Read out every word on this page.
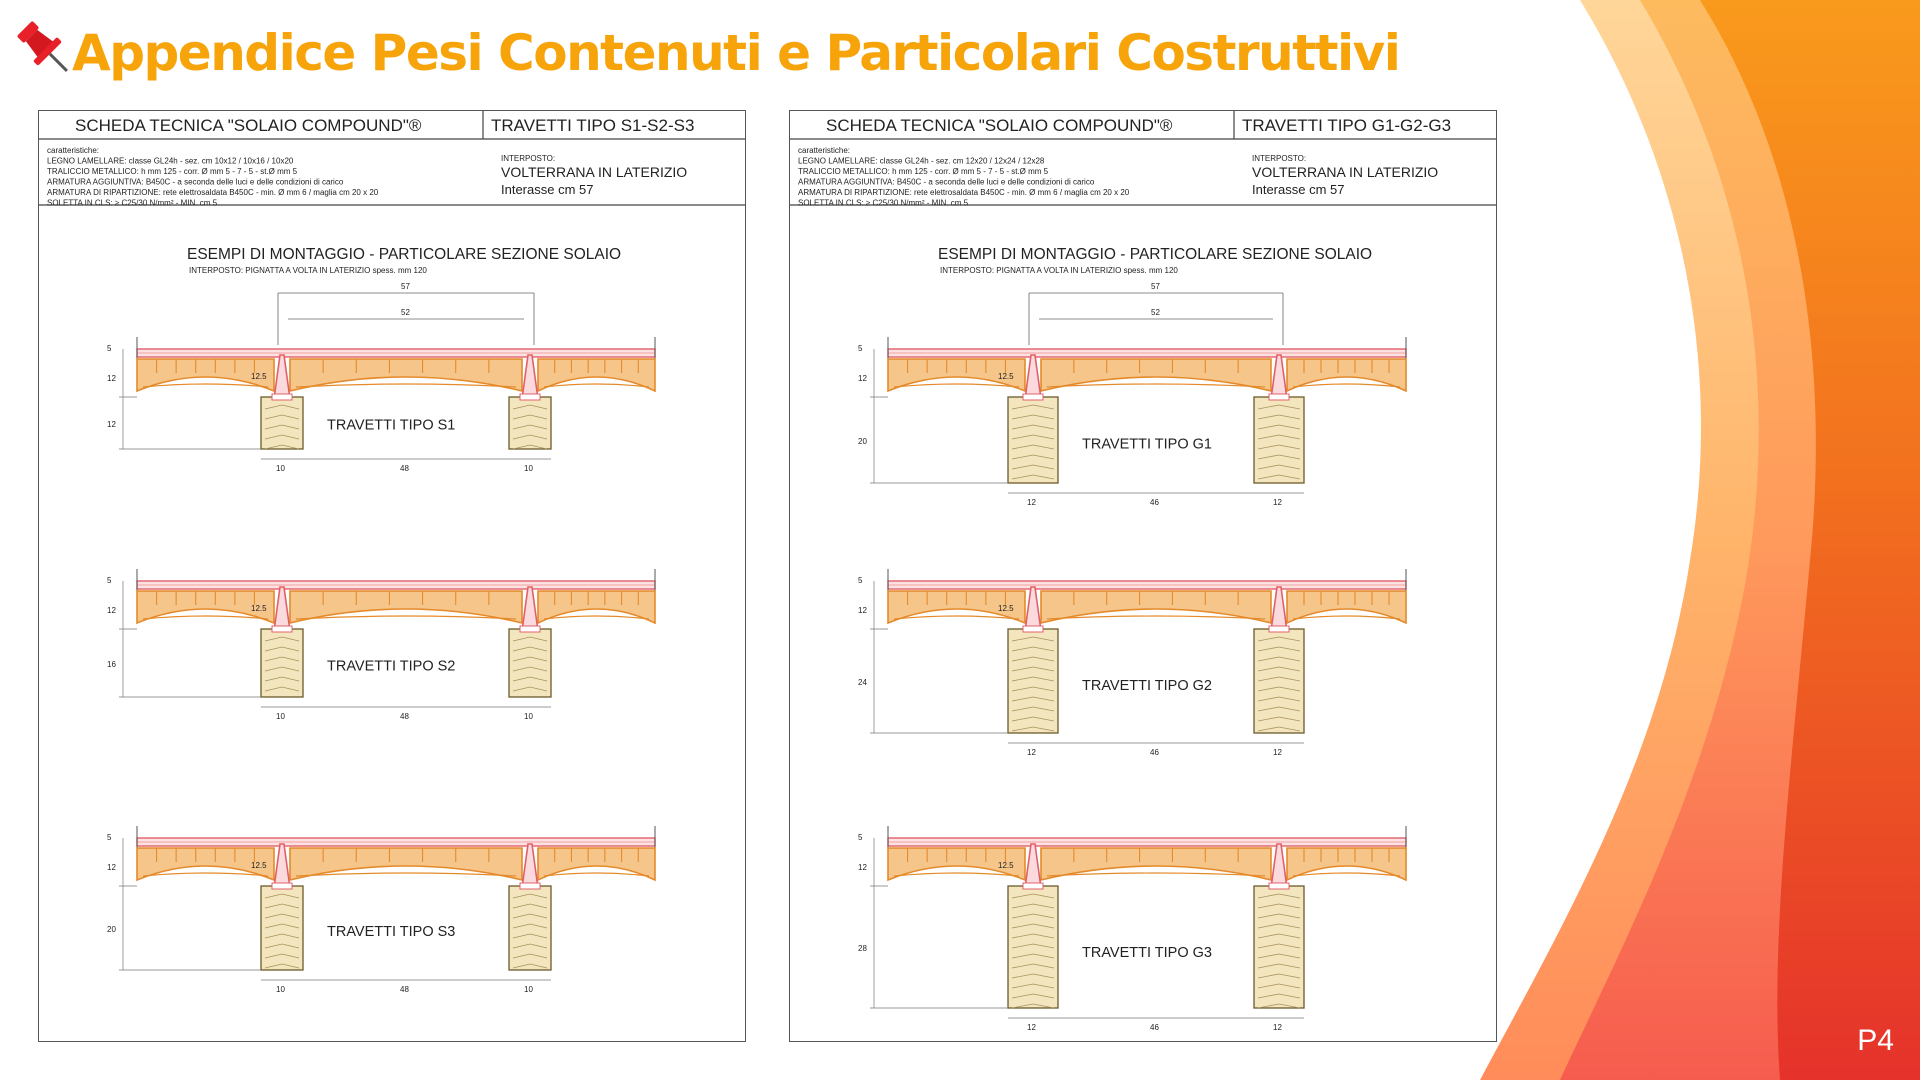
Appendice Pesi Contenuti e Particolari Costruttivi
SCHEDA TECNICA "SOLAIO COMPOUND"®	TRAVETTI TIPO S1-S2-S3
caratteristiche:
LEGNO LAMELLARE: classe GL24h - sez. cm 10x12 / 10x16 / 10x20
TRALICCIO METALLICO: h mm 125 - corr. Ø mm 5 - 7 - 5 - st.Ø mm 5
ARMATURA AGGIUNTIVA: B450C - a seconda delle luci e delle condizioni di carico
ARMATURA DI RIPARTIZIONE: rete elettrosaldata B450C - min. Ø mm 6 / maglia cm 20 x 20
SOLETTA IN CLS: ≥ C25/30 N/mm² - MIN. cm 5
INTERPOSTO:
VOLTERRANA IN LATERIZIO
Interasse cm 57
ESEMPI DI MONTAGGIO - PARTICOLARE SEZIONE SOLAIO
INTERPOSTO: PIGNATTA A VOLTA IN LATERIZIO spess. mm 120
57
52
12.5
5
12
12
10	48	10
TRAVETTI TIPO S1
12.5
5
12
16
10	48	10
TRAVETTI TIPO S2
12.5
5
12
20
10	48	10
TRAVETTI TIPO S3
SCHEDA TECNICA "SOLAIO COMPOUND"®	TRAVETTI TIPO G1-G2-G3
caratteristiche:
LEGNO LAMELLARE: classe GL24h - sez. cm 12x20 / 12x24 / 12x28
TRALICCIO METALLICO: h mm 125 - corr. Ø mm 5 - 7 - 5 - st.Ø mm 5
ARMATURA AGGIUNTIVA: B450C - a seconda delle luci e delle condizioni di carico
ARMATURA DI RIPARTIZIONE: rete elettrosaldata B450C - min. Ø mm 6 / maglia cm 20 x 20
SOLETTA IN CLS: ≥ C25/30 N/mm² - MIN. cm 5
INTERPOSTO:
VOLTERRANA IN LATERIZIO
Interasse cm 57
ESEMPI DI MONTAGGIO - PARTICOLARE SEZIONE SOLAIO
INTERPOSTO: PIGNATTA A VOLTA IN LATERIZIO spess. mm 120
57
52
12.5
5
12
20
12	46	12
TRAVETTI TIPO G1
12.5
5
12
24
12	46	12
TRAVETTI TIPO G2
12.5
5
12
28
12	46	12
TRAVETTI TIPO G3
P4
